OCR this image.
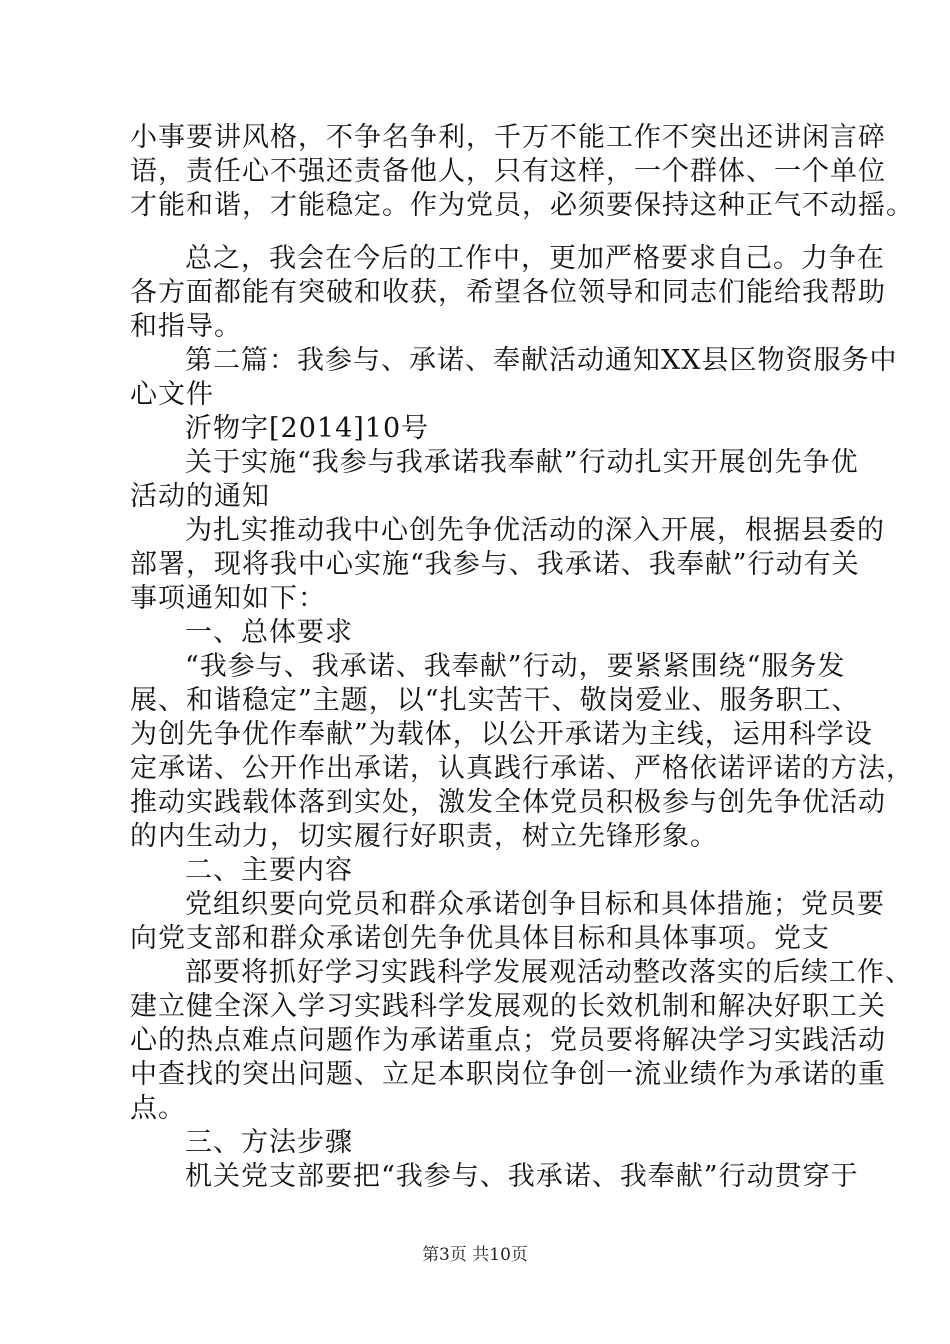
小事要讲风格，不争名争利，千万不能工作不突出还讲闲言碎
语，责任心不强还责备他人，只有这样，一个群体、一个单位
才能和谐，才能稳定。作为党员，必须要保持这种正气不动摇。
总之，我会在今后的工作中，更加严格要求自己。力争在
各方面都能有突破和收获，希望各位领导和同志们能给我帮助
和指导。
第二篇：我参与、承诺、奉献活动通知XX县区物资服务中
心文件
沂物字[2014]10号
关于实施“我参与我承诺我奉献”行动扎实开展创先争优
活动的通知
为扎实推动我中心创先争优活动的深入开展，根据县委的
部署，现将我中心实施“我参与、我承诺、我奉献”行动有关
事项通知如下：
一、总体要求
“我参与、我承诺、我奉献”行动，要紧紧围绕“服务发
展、和谐稳定”主题，以“扎实苦干、敬岗爱业、服务职工、
为创先争优作奉献”为载体，以公开承诺为主线，运用科学设
定承诺、公开作出承诺，认真践行承诺、严格依诺评诺的方法，
推动实践载体落到实处，激发全体党员积极参与创先争优活动
的内生动力，切实履行好职责，树立先锋形象。
二、主要内容
党组织要向党员和群众承诺创争目标和具体措施；党员要
向党支部和群众承诺创先争优具体目标和具体事项。党支
部要将抓好学习实践科学发展观活动整改落实的后续工作、
建立健全深入学习实践科学发展观的长效机制和解决好职工关
心的热点难点问题作为承诺重点；党员要将解决学习实践活动
中查找的突出问题、立足本职岗位争创一流业绩作为承诺的重
点。
三、方法步骤
机关党支部要把“我参与、我承诺、我奉献”行动贯穿于
第3页 共10页
